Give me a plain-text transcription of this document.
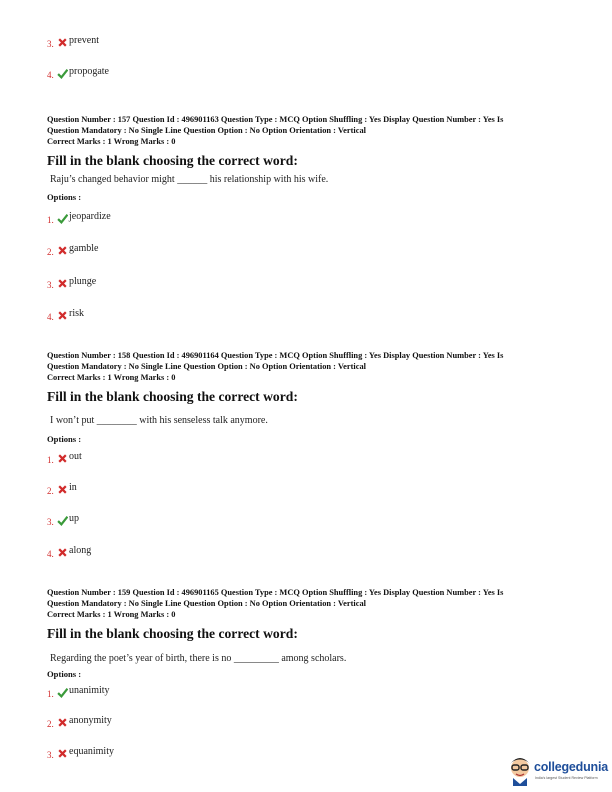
3. prevent
4. propogate
Question Number : 157 Question Id : 496901163 Question Type : MCQ Option Shuffling : Yes Display Question Number : Yes Is
Question Mandatory : No Single Line Question Option : No Option Orientation : Vertical
Correct Marks : 1 Wrong Marks : 0
Fill in the blank choosing the correct word:
Raju’s changed behavior might ______ his relationship with his wife.
Options :
1. jeopardize
2. gamble
3. plunge
4. risk
Question Number : 158 Question Id : 496901164 Question Type : MCQ Option Shuffling : Yes Display Question Number : Yes Is
Question Mandatory : No Single Line Question Option : No Option Orientation : Vertical
Correct Marks : 1 Wrong Marks : 0
Fill in the blank choosing the correct word:
I won’t put ________ with his senseless talk anymore.
Options :
1. out
2. in
3. up
4. along
Question Number : 159 Question Id : 496901165 Question Type : MCQ Option Shuffling : Yes Display Question Number : Yes Is
Question Mandatory : No Single Line Question Option : No Option Orientation : Vertical
Correct Marks : 1 Wrong Marks : 0
Fill in the blank choosing the correct word:
Regarding the poet’s year of birth, there is no _________ among scholars.
Options :
1. unanimity
2. anonymity
3. equanimity
collegedunia
India's largest Student Review Platform
